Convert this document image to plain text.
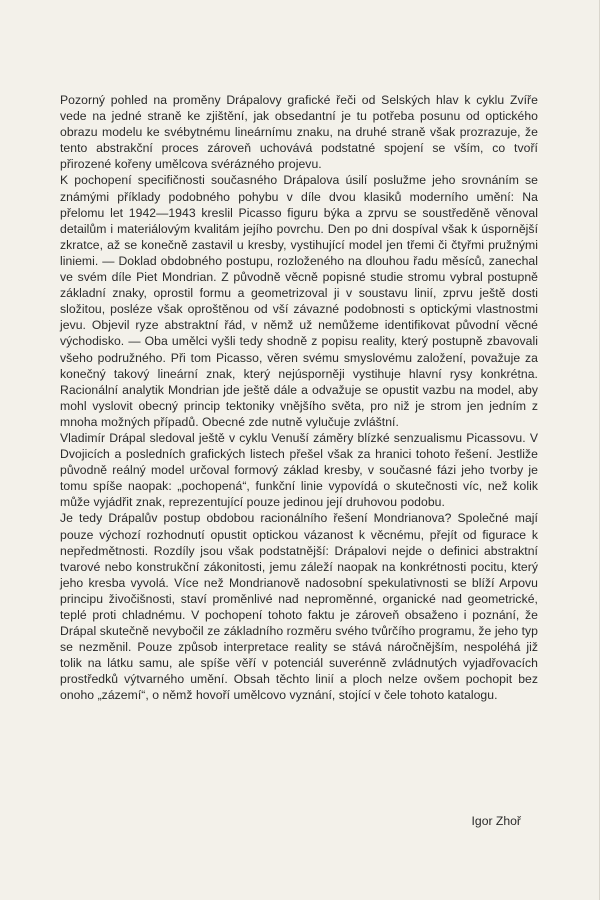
Pozorný pohled na proměny Drápalovy grafické řeči od Selských hlav k cyklu Zvíře vede na jedné straně ke zjištění, jak obsedantní je tu potřeba posunu od optického obrazu modelu ke svébytnému lineárnímu znaku, na druhé straně však prozrazuje, že tento abstrakční proces zároveň uchovává podstatné spojení se vším, co tvoří přirozené kořeny umělcova svérázného projevu.

K pochopení specifičnosti současného Drápalova úsilí poslužme jeho srovnáním se známými příklady podobného pohybu v díle dvou klasiků moderního umění: Na přelomu let 1942—1943 kreslil Picasso figuru býka a zprvu se soustředěně věnoval detailům i materiálovým kvalitám jejího povrchu. Den po dni dospíval však k úspornější zkratce, až se konečně zastavil u kresby, vystihující model jen třemi či čtyřmi pružnými liniemi. — Doklad obdobného postupu, rozloženého na dlouhou řadu měsíců, zanechal ve svém díle Piet Mondrian. Z původně věcně popisné studie stromu vybral postupně základní znaky, oprostil formu a geometrizoval ji v soustavu linií, zprvu ještě dosti složitou, posléze však oproštěnou od vší závazné podobnosti s optickými vlastnostmi jevu. Objevil ryze abstraktní řád, v němž už nemůžeme identifikovat původní věcné východisko. — Oba umělci vyšli tedy shodně z popisu reality, který postupně zbavovali všeho podružného. Při tom Picasso, věren svému smyslovému založení, považuje za konečný takový lineární znak, který nejúsporněji vystihuje hlavní rysy konkrétna. Racionální analytik Mondrian jde ještě dále a odvažuje se opustit vazbu na model, aby mohl vyslovit obecný princip tektoniky vnějšího světa, pro niž je strom jen jedním z mnoha možných případů. Obecné zde nutně vylučuje zvláštní.

Vladimír Drápal sledoval ještě v cyklu Venuší záměry blízké senzualismu Picassovu. V Dvojicích a posledních grafických listech přešel však za hranici tohoto řešení. Jestliže původně reálný model určoval formový základ kresby, v současné fázi jeho tvorby je tomu spíše naopak: „pochopená“, funkční linie vypovídá o skutečnosti víc, než kolik může vyjádřit znak, reprezentující pouze jedinou její druhovou podobu.

Je tedy Drápalův postup obdobou racionálního řešení Mondrianova? Společné mají pouze výchozí rozhodnutí opustit optickou vázanost k věcnému, přejít od figurace k nepředmětnosti. Rozdíly jsou však podstatnější: Drápalovi nejde o definici abstraktní tvarové nebo konstrukční zákonitosti, jemu záleží naopak na konkrétnosti pocitu, který jeho kresba vyvolá. Více než Mondrianově nadosobní spekulativnosti se blíží Arpovu principu živočišnosti, staví proměnlivé nad neproměnné, organické nad geometrické, teplé proti chladnému. V pochopení tohoto faktu je zároveň obsaženo i poznání, že Drápal skutečně nevybočil ze základního rozměru svého tvůrčího programu, že jeho typ se nezměnil. Pouze způsob interpretace reality se stává náročnějším, nespoléhá již tolik na látku samu, ale spíše věří v potenciál suverénně zvládnutých vyjadřovacích prostředků výtvarného umění. Obsah těchto linií a ploch nelze ovšem pochopit bez onoho „zázemí“, o němž hovoří umělcovo vyznání, stojící v čele tohoto katalogu.

Igor Zhoř
